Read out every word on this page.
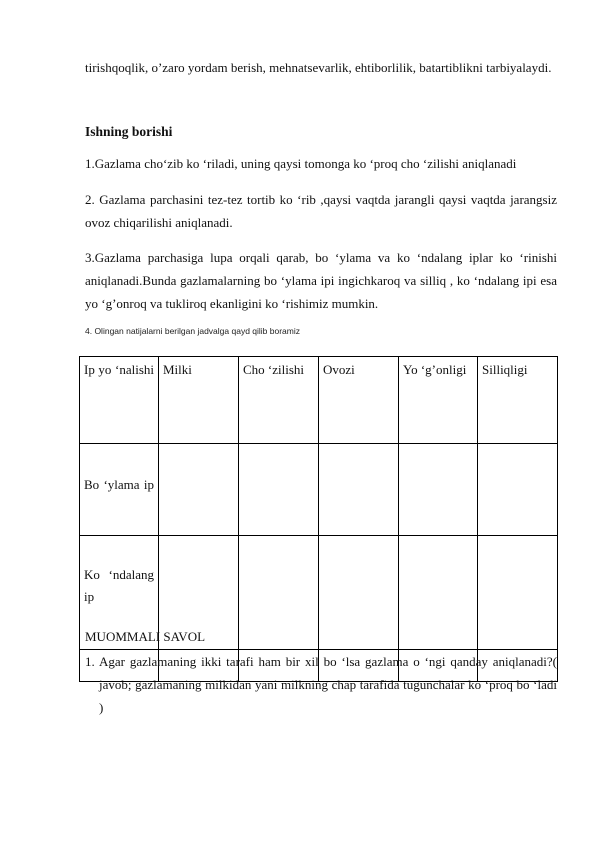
tirishqoqlik, o’zaro yordam berish, mehnatsevarlik, ehtiborlilik, batartiblikni tarbiyalaydi.
Ishning borishi
1.Gazlama cho‘zib ko ‘riladi, uning qaysi tomonga ko ‘proq cho ‘zilishi aniqlanadi
2. Gazlama parchasini tez-tez tortib ko ‘rib ,qaysi vaqtda jarangli qaysi vaqtda jarangsiz ovoz chiqarilishi aniqlanadi.
3.Gazlama parchasiga lupa orqali qarab, bo ‘ylama va ko ‘ndalang iplar ko ‘rinishi aniqlanadi.Bunda gazlamalarning bo ‘ylama ipi ingichkaroq va silliq , ko ‘ndalang ipi esa yo ‘g’onroq va tukliroq ekanligini ko ‘rishimiz mumkin.
4. Olingan natijalarni berilgan jadvalga qayd qilib boramiz
Ip yo ‘nalishi	Milki	Cho ‘zilishi	Ovozi	Yo ‘g’onligi	Silliqligi
Bo ‘ylama ip					
Ko ‘ndalang ip					

MUOMMALI SAVOL
1. Agar gazlamaning ikki tarafi ham bir xil bo ‘lsa gazlama o ‘ngi qanday aniqlanadi?( javob; gazlamaning milkidan yani milkning chap tarafida tugunchalar ko ‘proq bo ‘ladi )
